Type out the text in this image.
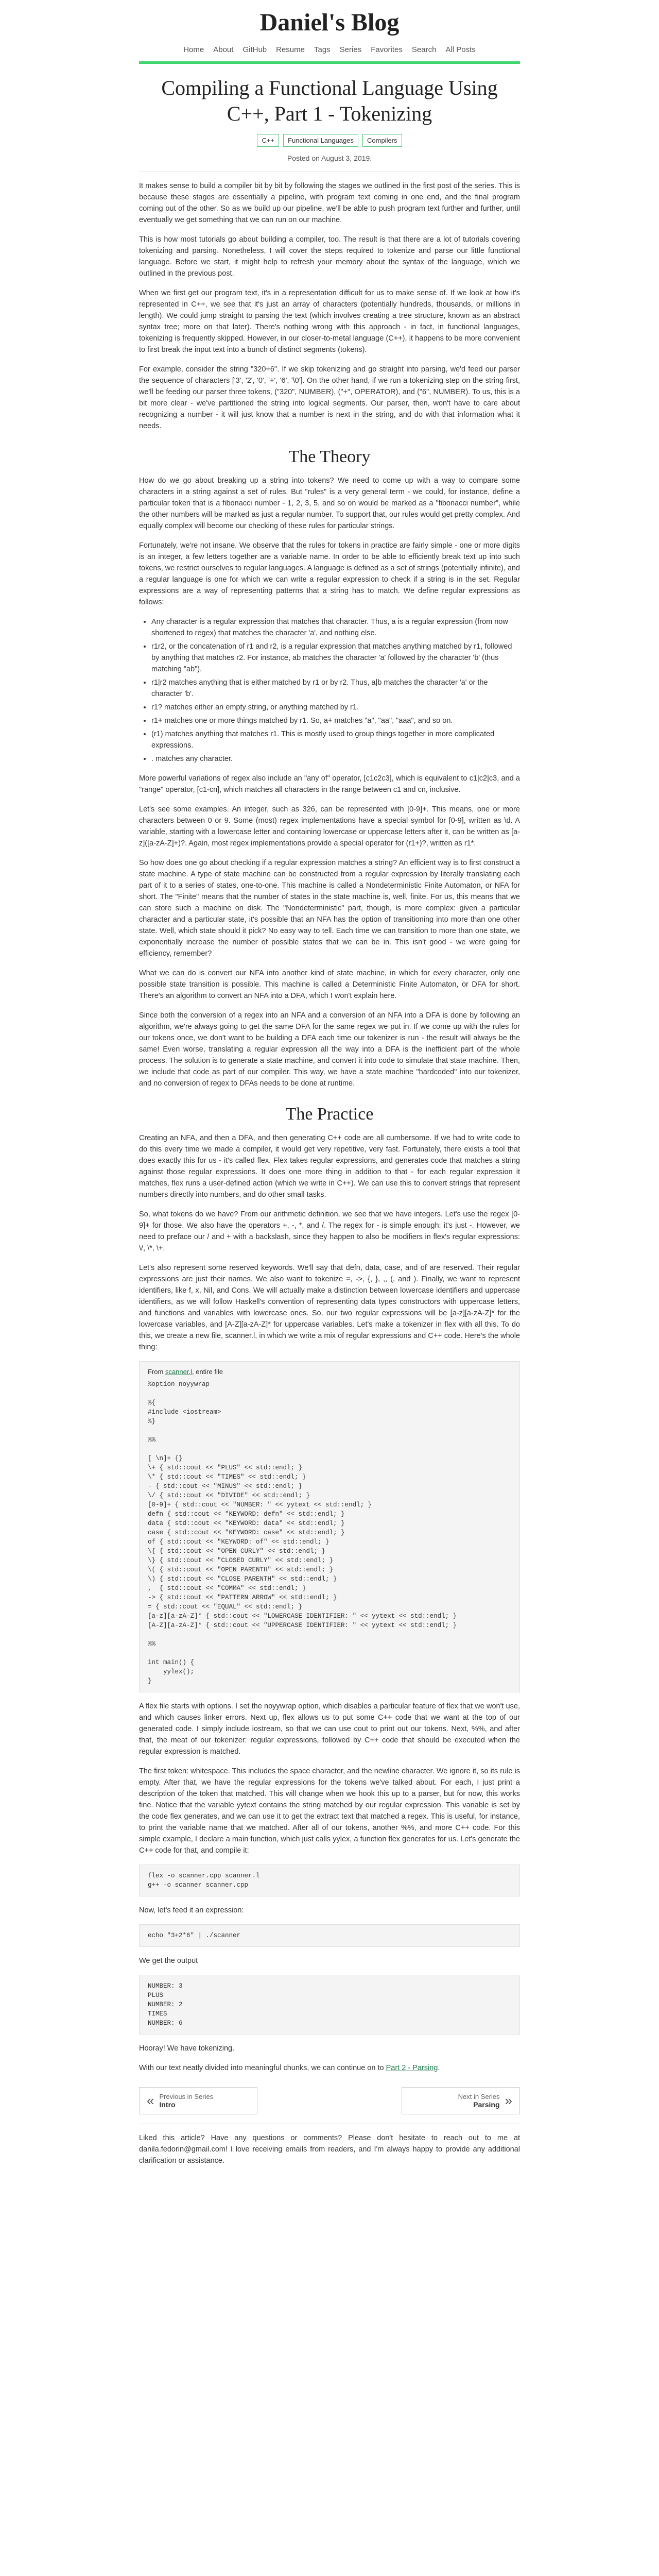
Daniel's Blog
Home About GitHub Resume Tags Series Favorites Search All Posts
Compiling a Functional Language Using C++, Part 1 - Tokenizing
C++	Functional Languages	Compilers
Posted on August 3, 2019.

It makes sense to build a compiler bit by bit by following the stages we outlined in the first post of the series. This is because these stages are essentially a pipeline, with program text coming in one end, and the final program coming out of the other. So as we build up our pipeline, we'll be able to push program text further and further, until eventually we get something that we can run on our machine.

This is how most tutorials go about building a compiler, too. The result is that there are a lot of tutorials covering tokenizing and parsing. Nonetheless, I will cover the steps required to tokenize and parse our little functional language. Before we start, it might help to refresh your memory about the syntax of the language, which we outlined in the previous post.

When we first get our program text, it's in a representation difficult for us to make sense of. If we look at how it's represented in C++, we see that it's just an array of characters (potentially hundreds, thousands, or millions in length). We could jump straight to parsing the text (which involves creating a tree structure, known as an abstract syntax tree; more on that later). There's nothing wrong with this approach - in fact, in functional languages, tokenizing is frequently skipped. However, in our closer-to-metal language (C++), it happens to be more convenient to first break the input text into a bunch of distinct segments (tokens).

For example, consider the string "320+6". If we skip tokenizing and go straight into parsing, we'd feed our parser the sequence of characters ['3', '2', '0', '+', '6', '\0']. On the other hand, if we run a tokenizing step on the string first, we'll be feeding our parser three tokens, ("320", NUMBER), ("+", OPERATOR), and ("6", NUMBER). To us, this is a bit more clear - we've partitioned the string into logical segments. Our parser, then, won't have to care about recognizing a number - it will just know that a number is next in the string, and do with that information what it needs.

The Theory

How do we go about breaking up a string into tokens? We need to come up with a way to compare some characters in a string against a set of rules. But "rules" is a very general term - we could, for instance, define a particular token that is a fibonacci number - 1, 2, 3, 5, and so on would be marked as a "fibonacci number", while the other numbers will be marked as just a regular number. To support that, our rules would get pretty complex. And equally complex will become our checking of these rules for particular strings.

Fortunately, we're not insane. We observe that the rules for tokens in practice are fairly simple - one or more digits is an integer, a few letters together are a variable name. In order to be able to efficiently break text up into such tokens, we restrict ourselves to regular languages. A language is defined as a set of strings (potentially infinite), and a regular language is one for which we can write a regular expression to check if a string is in the set. Regular expressions are a way of representing patterns that a string has to match. We define regular expressions as follows:

• Any character is a regular expression that matches that character. Thus, a is a regular expression (from now shortened to regex) that matches the character 'a', and nothing else.
• r1r2, or the concatenation of r1 and r2, is a regular expression that matches anything matched by r1, followed by anything that matches r2. For instance, ab matches the character 'a' followed by the character 'b' (thus matching "ab").
• r1|r2 matches anything that is either matched by r1 or by r2. Thus, a|b matches the character 'a' or the character 'b'.
• r1? matches either an empty string, or anything matched by r1.
• r1+ matches one or more things matched by r1. So, a+ matches "a", "aa", "aaa", and so on.
• (r1) matches anything that matches r1. This is mostly used to group things together in more complicated expressions.
• . matches any character.

More powerful variations of regex also include an "any of" operator, [c1c2c3], which is equivalent to c1|c2|c3, and a "range" operator, [c1-cn], which matches all characters in the range between c1 and cn, inclusive.

Let's see some examples. An integer, such as 326, can be represented with [0-9]+. This means, one or more characters between 0 or 9. Some (most) regex implementations have a special symbol for [0-9], written as \d. A variable, starting with a lowercase letter and containing lowercase or uppercase letters after it, can be written as [a-z]([a-zA-Z]+)?. Again, most regex implementations provide a special operator for (r1+)?, written as r1*.

So how does one go about checking if a regular expression matches a string? An efficient way is to first construct a state machine. A type of state machine can be constructed from a regular expression by literally translating each part of it to a series of states, one-to-one. This machine is called a Nondeterministic Finite Automaton, or NFA for short. The "Finite" means that the number of states in the state machine is, well, finite. For us, this means that we can store such a machine on disk. The "Nondeterministic" part, though, is more complex: given a particular character and a particular state, it's possible that an NFA has the option of transitioning into more than one other state. Well, which state should it pick? No easy way to tell. Each time we can transition to more than one state, we exponentially increase the number of possible states that we can be in. This isn't good - we were going for efficiency, remember?

What we can do is convert our NFA into another kind of state machine, in which for every character, only one possible state transition is possible. This machine is called a Deterministic Finite Automaton, or DFA for short. There's an algorithm to convert an NFA into a DFA, which I won't explain here.

Since both the conversion of a regex into an NFA and a conversion of an NFA into a DFA is done by following an algorithm, we're always going to get the same DFA for the same regex we put in. If we come up with the rules for our tokens once, we don't want to be building a DFA each time our tokenizer is run - the result will always be the same! Even worse, translating a regular expression all the way into a DFA is the inefficient part of the whole process. The solution is to generate a state machine, and convert it into code to simulate that state machine. Then, we include that code as part of our compiler. This way, we have a state machine "hardcoded" into our tokenizer, and no conversion of regex to DFAs needs to be done at runtime.

The Practice

Creating an NFA, and then a DFA, and then generating C++ code are all cumbersome. If we had to write code to do this every time we made a compiler, it would get very repetitive, very fast. Fortunately, there exists a tool that does exactly this for us - it's called flex. Flex takes regular expressions, and generates code that matches a string against those regular expressions. It does one more thing in addition to that - for each regular expression it matches, flex runs a user-defined action (which we write in C++). We can use this to convert strings that represent numbers directly into numbers, and do other small tasks.

So, what tokens do we have? From our arithmetic definition, we see that we have integers. Let's use the regex [0-9]+ for those. We also have the operators +, -, *, and /. The regex for - is simple enough: it's just -. However, we need to preface our / and + with a backslash, since they happen to also be modifiers in flex's regular expressions: \/, \*, \+.

Let's also represent some reserved keywords. We'll say that defn, data, case, and of are reserved. Their regular expressions are just their names. We also want to tokenize =, ->, {, }, ,, (, and ). Finally, we want to represent identifiers, like f, x, Nil, and Cons. We will actually make a distinction between lowercase identifiers and uppercase identifiers, as we will follow Haskell's convention of representing data types constructors with uppercase letters, and functions and variables with lowercase ones. So, our two regular expressions will be [a-z][a-zA-Z]* for the lowercase variables, and [A-Z][a-zA-Z]* for uppercase variables. Let's make a tokenizer in flex with all this. To do this, we create a new file, scanner.l, in which we write a mix of regular expressions and C++ code. Here's the whole thing:

From scanner.l, entire file
%option noyywrap

%{
#include <iostream>
%}

%%

[ \n]+ {}
\+ { std::cout << "PLUS" << std::endl; }
\* { std::cout << "TIMES" << std::endl; }
- { std::cout << "MINUS" << std::endl; }
\/ { std::cout << "DIVIDE" << std::endl; }
[0-9]+ { std::cout << "NUMBER: " << yytext << std::endl; }
defn { std::cout << "KEYWORD: defn" << std::endl; }
data { std::cout << "KEYWORD: data" << std::endl; }
case { std::cout << "KEYWORD: case" << std::endl; }
of { std::cout << "KEYWORD: of" << std::endl; }
\{ { std::cout << "OPEN CURLY" << std::endl; }
\} { std::cout << "CLOSED CURLY" << std::endl; }
\( { std::cout << "OPEN PARENTH" << std::endl; }
\) { std::cout << "CLOSE PARENTH" << std::endl; }
,  { std::cout << "COMMA" << std::endl; }
-> { std::cout << "PATTERN ARROW" << std::endl; }
= { std::cout << "EQUAL" << std::endl; }
[a-z][a-zA-Z]* { std::cout << "LOWERCASE IDENTIFIER: " << yytext << std::endl; }
[A-Z][a-zA-Z]* { std::cout << "UPPERCASE IDENTIFIER: " << yytext << std::endl; }

%%

int main() {
yylex();
}

A flex file starts with options. I set the noyywrap option, which disables a particular feature of flex that we won't use, and which causes linker errors. Next up, flex allows us to put some C++ code that we want at the top of our generated code. I simply include iostream, so that we can use cout to print out our tokens. Next, %%, and after that, the meat of our tokenizer: regular expressions, followed by C++ code that should be executed when the regular expression is matched.

The first token: whitespace. This includes the space character, and the newline character. We ignore it, so its rule is empty. After that, we have the regular expressions for the tokens we've talked about. For each, I just print a description of the token that matched. This will change when we hook this up to a parser, but for now, this works fine. Notice that the variable yytext contains the string matched by our regular expression. This variable is set by the code flex generates, and we can use it to get the extract text that matched a regex. This is useful, for instance, to print the variable name that we matched. After all of our tokens, another %%, and more C++ code. For this simple example, I declare a main function, which just calls yylex, a function flex generates for us. Let's generate the C++ code for that, and compile it:

flex -o scanner.cpp scanner.l
g++ -o scanner scanner.cpp

Now, let's feed it an expression:

echo "3+2*6" | ./scanner

We get the output

NUMBER: 3
PLUS
NUMBER: 2
TIMES
NUMBER: 6

Hooray! We have tokenizing.

With our text neatly divided into meaningful chunks, we can continue on to Part 2 - Parsing.

« Previous in Series
Intro
Next in Series
Parsing »

Liked this article? Have any questions or comments? Please don't hesitate to reach out to me at danila.fedorin@gmail.com! I love receiving emails from readers, and I'm always happy to provide any additional clarification or assistance.
